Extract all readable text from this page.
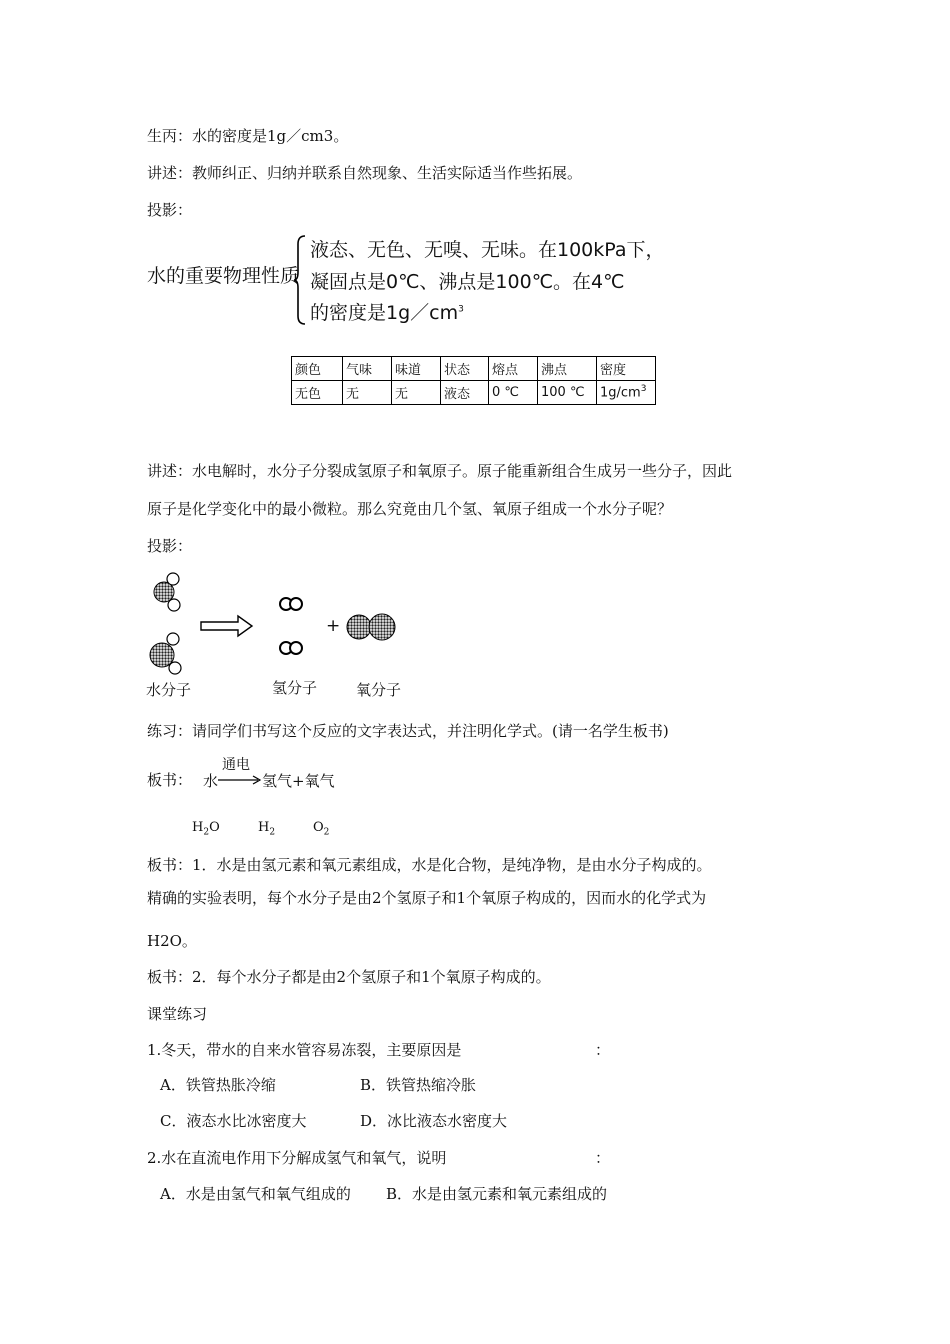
生丙：水的密度是1g／cm3。
讲述：教师纠正、归纳并联系自然现象、生活实际适当作些拓展。
投影：
水的重要物理性质
液态、无色、无嗅、无味。在100kPa下，
凝固点是0℃、沸点是100℃。在4℃
的密度是$1g/cm^3$
颜色	气味	味道	状态	熔点	沸点	密度
无色	无	无	液态	0 ℃	100 ℃	$1g/cm^3$
讲述：水电解时，水分子分裂成氢原子和氧原子。原子能重新组合生成另一些分子，因此
原子是化学变化中的最小微粒。那么究竟由几个氢、氧原子组成一个水分子呢？
投影：
+
水分子	氢分子	氧分子
练习：请同学们书写这个反应的文字表达式，并注明化学式。(请一名学生板书)
板书： 水
通电
氢气+氧气
$H_2O$	$H_2$	$O_2$
板书：1．水是由氢元素和氧元素组成，水是化合物，是纯净物，是由水分子构成的。
精确的实验表明，每个水分子是由2个氢原子和1个氧原子构成的，因而水的化学式为
H2O。
板书：2．每个水分子都是由2个氢原子和1个氧原子构成的。
课堂练习
1.冬天，带水的自来水管容易冻裂，主要原因是	：
A．铁管热胀冷缩	B．铁管热缩冷胀
C．液态水比冰密度大	D．冰比液态水密度大
2.水在直流电作用下分解成氢气和氧气，说明	：
A．水是由氢气和氧气组成的 B．水是由氢元素和氧元素组成的
